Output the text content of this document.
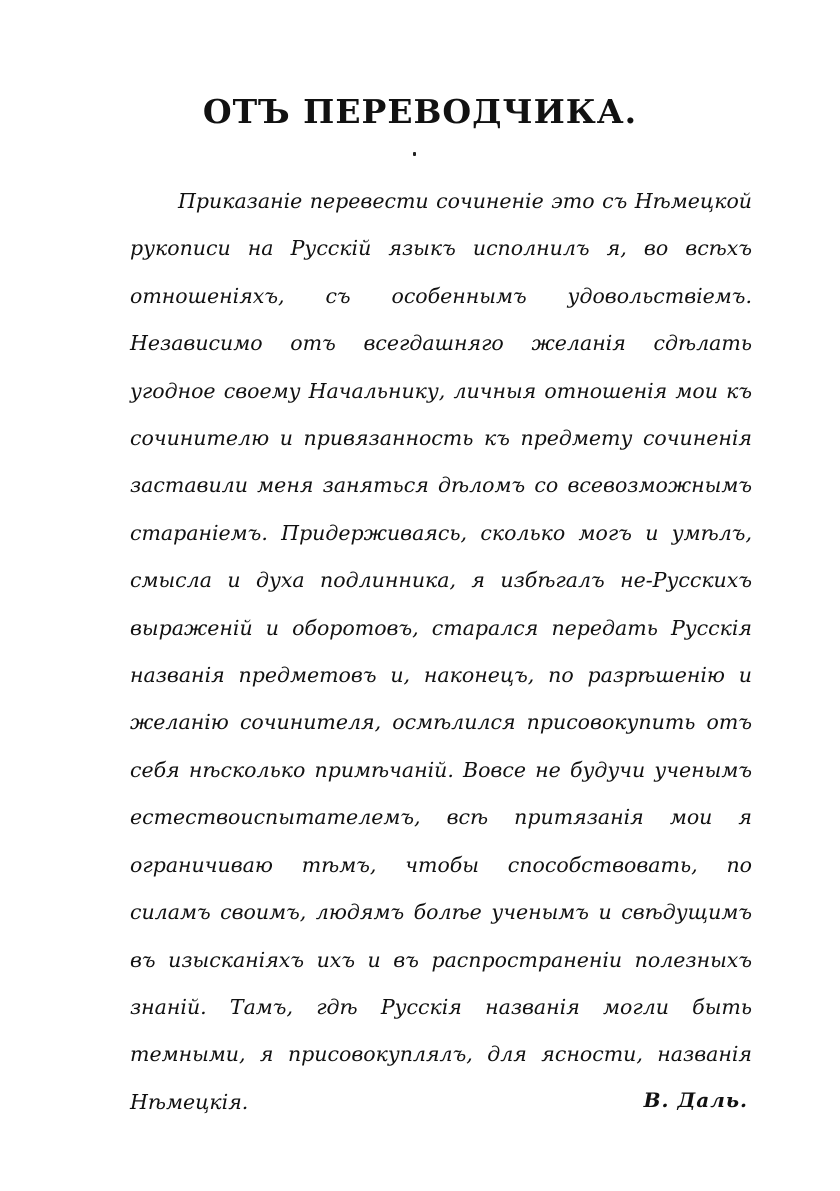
ОТЪ ПЕРЕВОДЧИКА.

Приказаніе перевести сочиненіе это съ Нѣмецкой рукописи на Русскій языкъ исполнилъ я, во всѣхъ отношеніяхъ, съ особеннымъ удовольствіемъ. Независимо отъ всегдашняго желанія сдѣлать угодное своему Начальнику, личныя отношенія мои къ сочинителю и привязанность къ предмету сочиненія заставили меня заняться дѣломъ со всевозможнымъ стараніемъ. Придерживаясь, сколько могъ и умѣлъ, смысла и духа подлинника, я избѣгалъ не-Русскихъ выраженій и оборотовъ, старался передать Русскія названія предметовъ и, наконецъ, по разрѣшенію и желанію сочинителя, осмѣлился присовокупить отъ себя нѣсколько примѣчаній. Вовсе не будучи ученымъ естествоиспытателемъ, всѣ притязанія мои я ограничиваю тѣмъ, чтобы способствовать, по силамъ своимъ, людямъ болѣе ученымъ и свѣдущимъ въ изысканіяхъ ихъ и въ распространеніи полезныхъ знаній. Тамъ, гдѣ Русскія названія могли быть темными, я присовокуплялъ, для ясности, названія Нѣмецкія.	В. Даль.
